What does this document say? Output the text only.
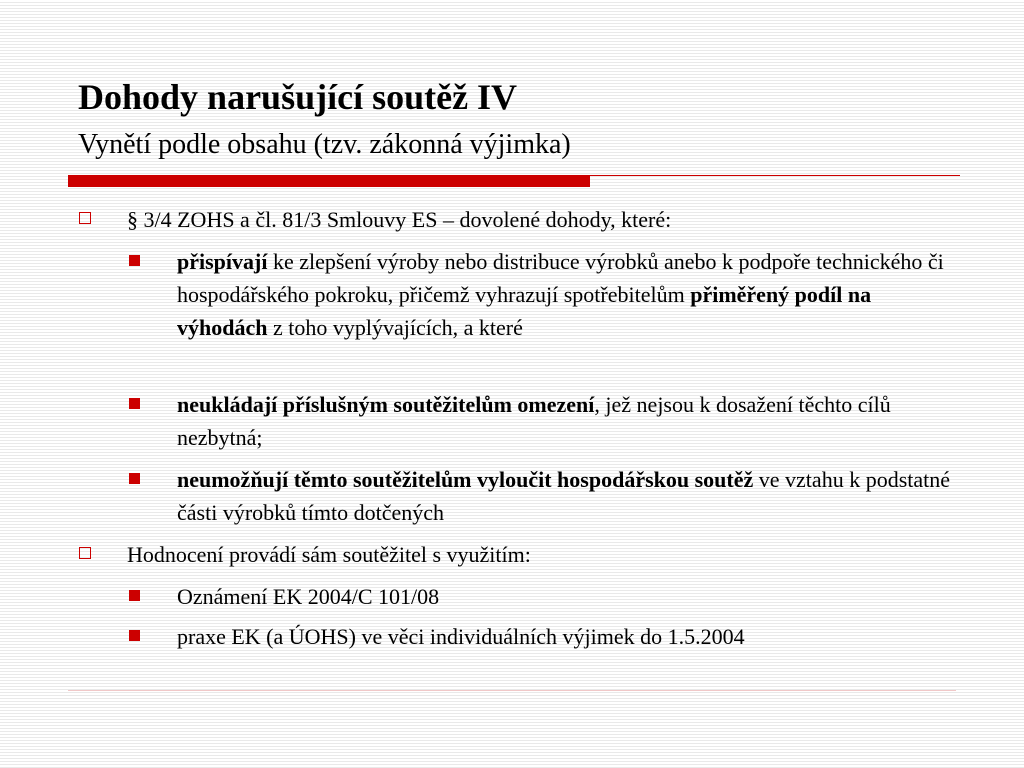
Dohody narušující soutěž IV
Vynětí podle obsahu (tzv. zákonná výjimka)
§ 3/4 ZOHS a čl. 81/3 Smlouvy ES – dovolené dohody, které:
přispívají ke zlepšení výroby nebo distribuce výrobků anebo k podpoře technického či hospodářského pokroku, přičemž vyhrazují spotřebitelům přiměřený podíl na výhodách z toho vyplývajících, a které
neukládají příslušným soutěžitelům omezení, jež nejsou k dosažení těchto cílů nezbytná;
neumožňují těmto soutěžitelům vyloučit hospodářskou soutěž ve vztahu k podstatné části výrobků tímto dotčených
Hodnocení provádí sám soutěžitel s využitím:
Oznámení EK 2004/C 101/08
praxe EK (a ÚOHS) ve věci individuálních výjimek do 1.5.2004
